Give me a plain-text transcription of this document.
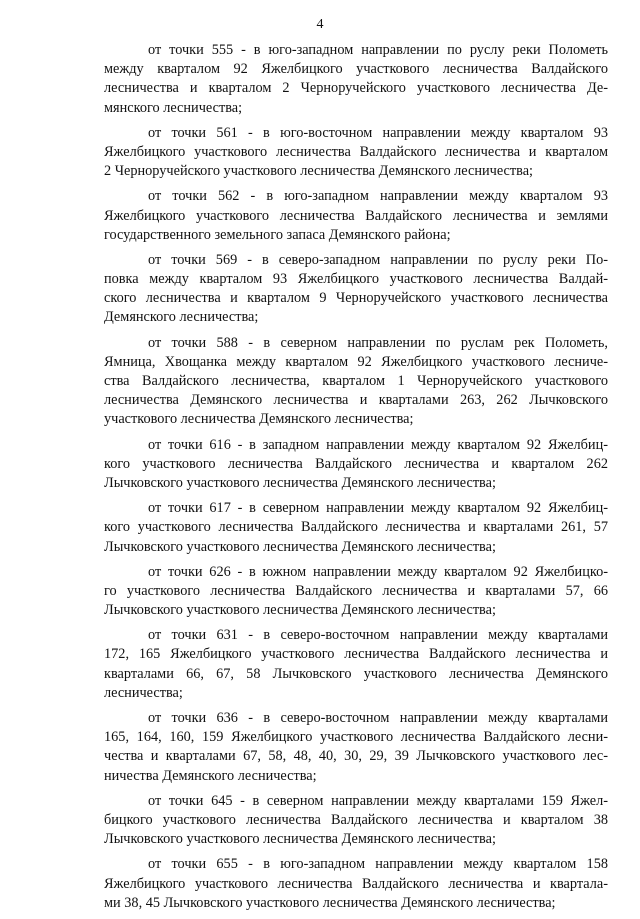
4
от точки 555 - в юго-западном направлении по руслу реки Полометь
между кварталом 92 Яжелбицкого участкового лесничества Валдайского
лесничества и кварталом 2 Черноручейского участкового лесничества Де-
мянского лесничества;
от точки 561 - в юго-восточном направлении между кварталом 93
Яжелбицкого участкового лесничества Валдайского лесничества и кварталом
2 Черноручейского участкового лесничества Демянского лесничества;
от точки 562 - в юго-западном направлении между кварталом 93
Яжелбицкого участкового лесничества Валдайского лесничества и землями
государственного земельного запаса Демянского района;
от точки 569 - в северо-западном направлении по руслу реки По-
повка между кварталом 93 Яжелбицкого участкового лесничества Валдай-
ского лесничества и кварталом 9 Черноручейского участкового лесничества
Демянского лесничества;
от точки 588 - в северном направлении по руслам рек Полометь,
Ямница, Хвощанка между кварталом 92 Яжелбицкого участкового лесниче-
ства Валдайского лесничества, кварталом 1 Черноручейского участкового
лесничества Демянского лесничества и кварталами 263, 262 Лычковского
участкового лесничества Демянского лесничества;
от точки 616 - в западном направлении между кварталом 92 Яжелбиц-
кого участкового лесничества Валдайского лесничества и кварталом 262
Лычковского участкового лесничества Демянского лесничества;
от точки 617 - в северном направлении между кварталом 92 Яжелбиц-
кого участкового лесничества Валдайского лесничества и кварталами 261, 57
Лычковского участкового лесничества Демянского лесничества;
от точки 626 - в южном направлении между кварталом 92 Яжелбицко-
го участкового лесничества Валдайского лесничества и кварталами 57, 66
Лычковского участкового лесничества Демянского лесничества;
от точки 631 - в северо-восточном направлении между кварталами
172, 165 Яжелбицкого участкового лесничества Валдайского лесничества и
кварталами 66, 67, 58 Лычковского участкового лесничества Демянского
лесничества;
от точки 636 - в северо-восточном направлении между кварталами
165, 164, 160, 159 Яжелбицкого участкового лесничества Валдайского лесни-
чества и кварталами 67, 58, 48, 40, 30, 29, 39 Лычковского участкового лес-
ничества Демянского лесничества;
от точки 645 - в северном направлении между кварталами 159 Яжел-
бицкого участкового лесничества Валдайского лесничества и кварталом 38
Лычковского участкового лесничества Демянского лесничества;
от точки 655 - в юго-западном направлении между кварталом 158
Яжелбицкого участкового лесничества Валдайского лесничества и квартала-
ми 38, 45 Лычковского участкового лесничества Демянского лесничества;
